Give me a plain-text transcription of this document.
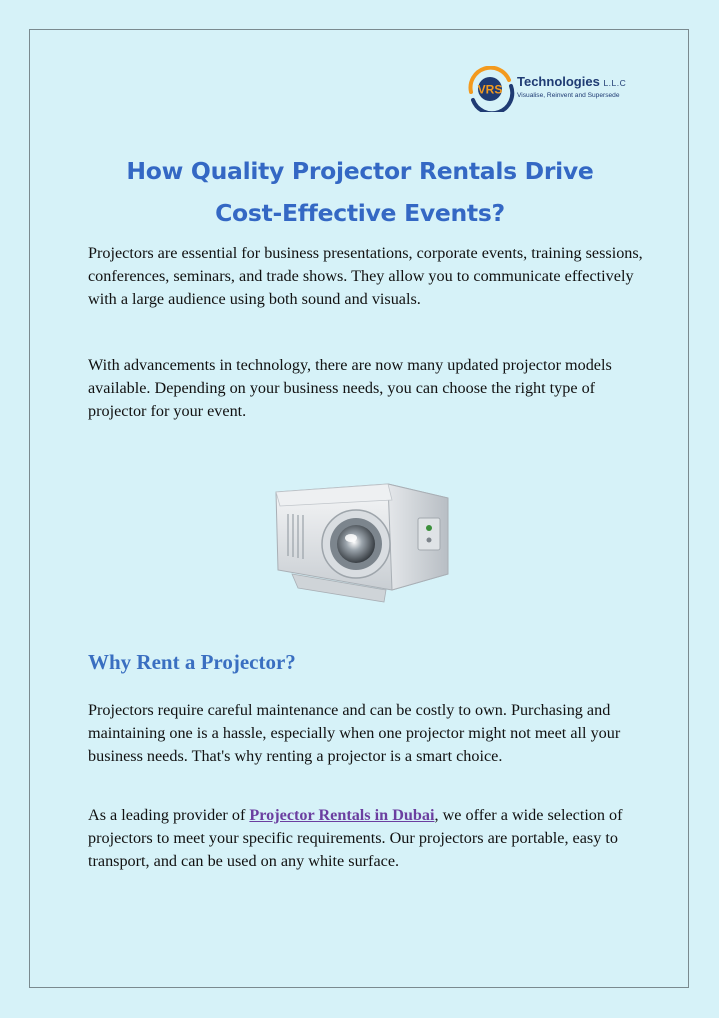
VRS
Technologies L.L.C
Visualise, Reinvent and Supersede
How Quality Projector Rentals Drive
Cost-Effective Events?

Projectors are essential for business presentations, corporate events, training sessions, conferences, seminars, and trade shows. They allow you to communicate effectively with a large audience using both sound and visuals.

With advancements in technology, there are now many updated projector models available. Depending on your business needs, you can choose the right type of projector for your event.

Why Rent a Projector?

Projectors require careful maintenance and can be costly to own. Purchasing and maintaining one is a hassle, especially when one projector might not meet all your business needs. That's why renting a projector is a smart choice.

As a leading provider of Projector Rentals in Dubai, we offer a wide selection of projectors to meet your specific requirements. Our projectors are portable, easy to transport, and can be used on any white surface.
